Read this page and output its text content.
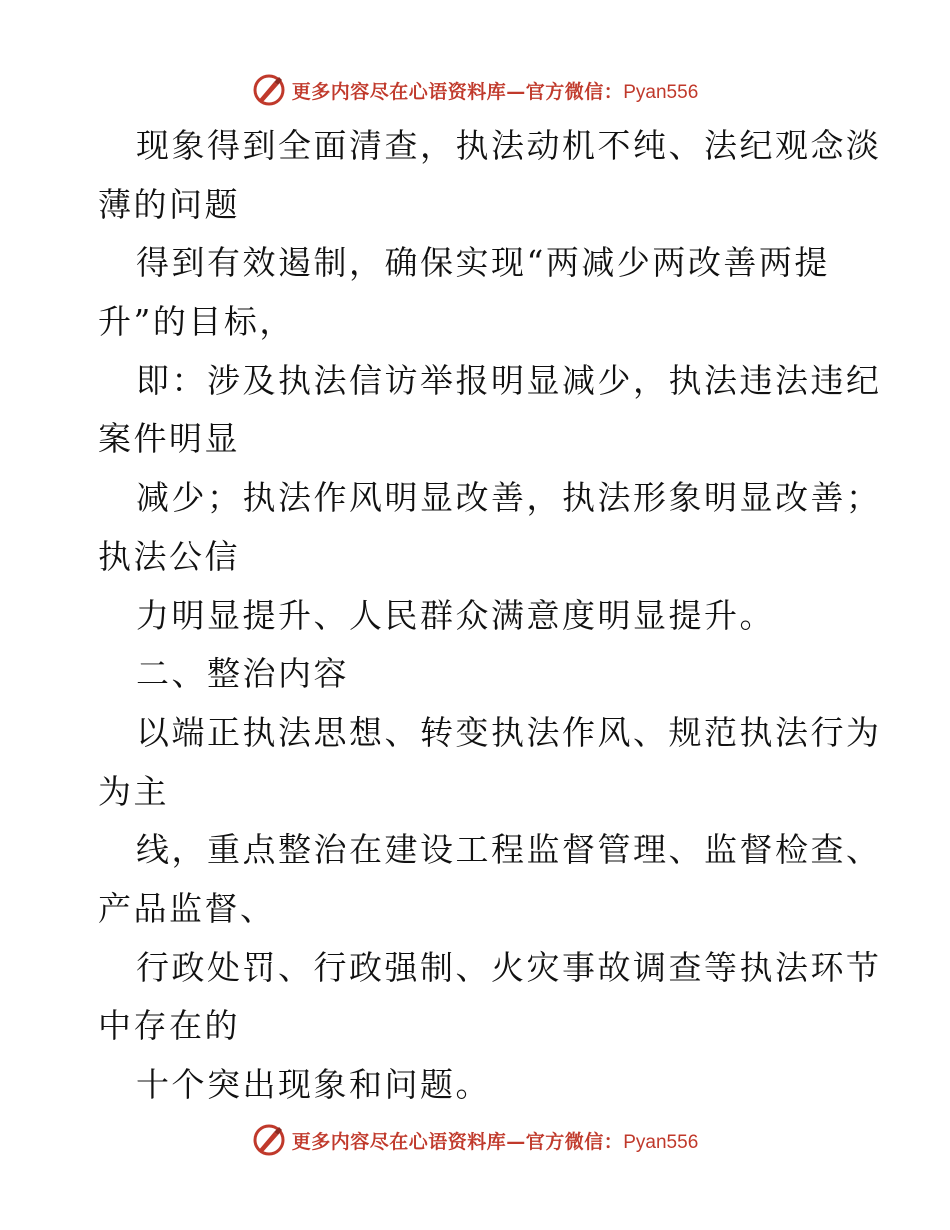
更多内容尽在心语资料库—官方微信：Pyan556
现象得到全面清查，执法动机不纯、法纪观念淡
薄的问题
得到有效遏制，确保实现“两减少两改善两提
升”的目标，
即：涉及执法信访举报明显减少，执法违法违纪
案件明显
减少；执法作风明显改善，执法形象明显改善；
执法公信
力明显提升、人民群众满意度明显提升。
二、整治内容
以端正执法思想、转变执法作风、规范执法行为
为主
线，重点整治在建设工程监督管理、监督检查、
产品监督、
行政处罚、行政强制、火灾事故调查等执法环节
中存在的
十个突出现象和问题。
更多内容尽在心语资料库—官方微信：Pyan556
